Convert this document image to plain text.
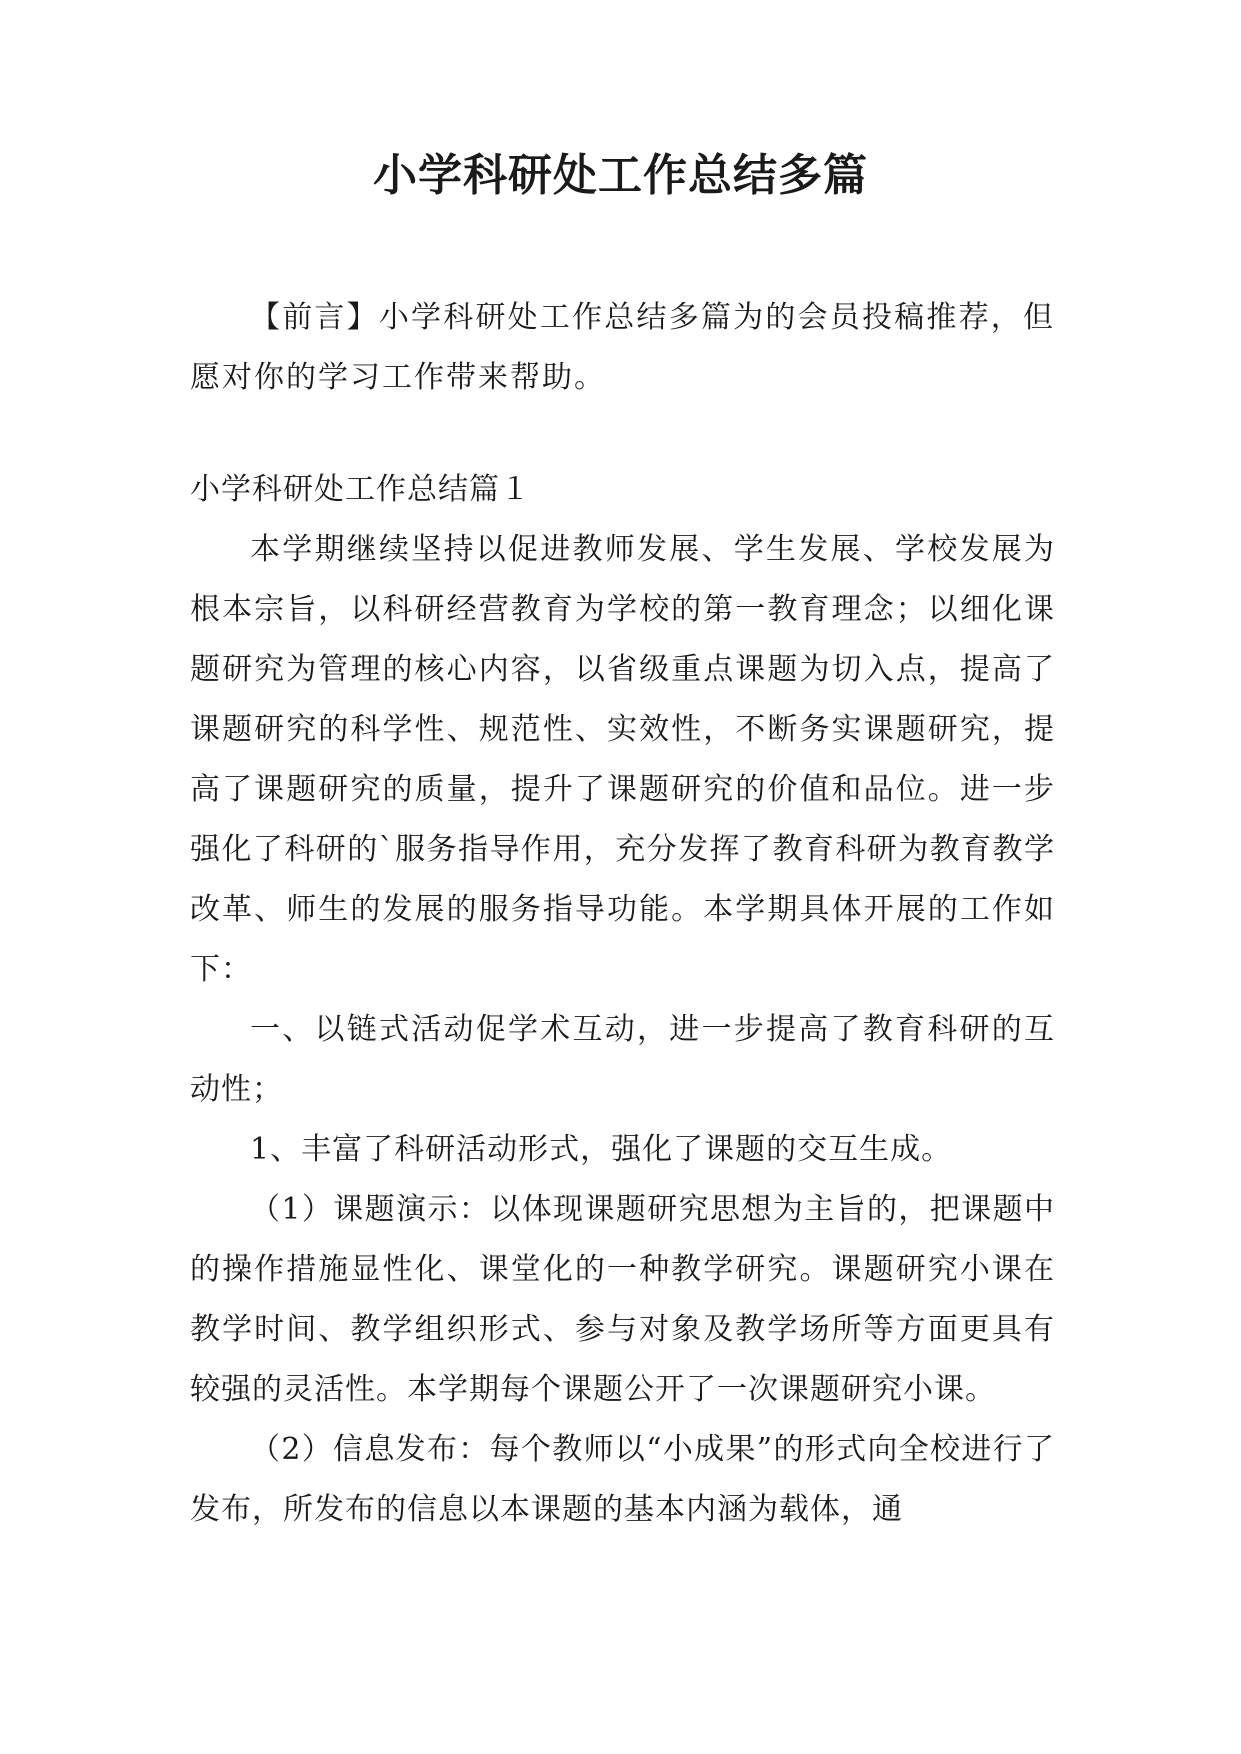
小学科研处工作总结多篇

【前言】小学科研处工作总结多篇为的会员投稿推荐，但愿对你的学习工作带来帮助。

小学科研处工作总结篇１

本学期继续坚持以促进教师发展、学生发展、学校发展为根本宗旨，以科研经营教育为学校的第一教育理念；以细化课题研究为管理的核心内容，以省级重点课题为切入点，提高了课题研究的科学性、规范性、实效性，不断务实课题研究，提高了课题研究的质量，提升了课题研究的价值和品位。进一步强化了科研的`服务指导作用，充分发挥了教育科研为教育教学改革、师生的发展的服务指导功能。本学期具体开展的工作如下：

一、以链式活动促学术互动，进一步提高了教育科研的互动性；

1、丰富了科研活动形式，强化了课题的交互生成。

（1）课题演示：以体现课题研究思想为主旨的，把课题中的操作措施显性化、课堂化的一种教学研究。课题研究小课在教学时间、教学组织形式、参与对象及教学场所等方面更具有较强的灵活性。本学期每个课题公开了一次课题研究小课。

（2）信息发布：每个教师以“小成果”的形式向全校进行了发布，所发布的信息以本课题的基本内涵为载体，通
